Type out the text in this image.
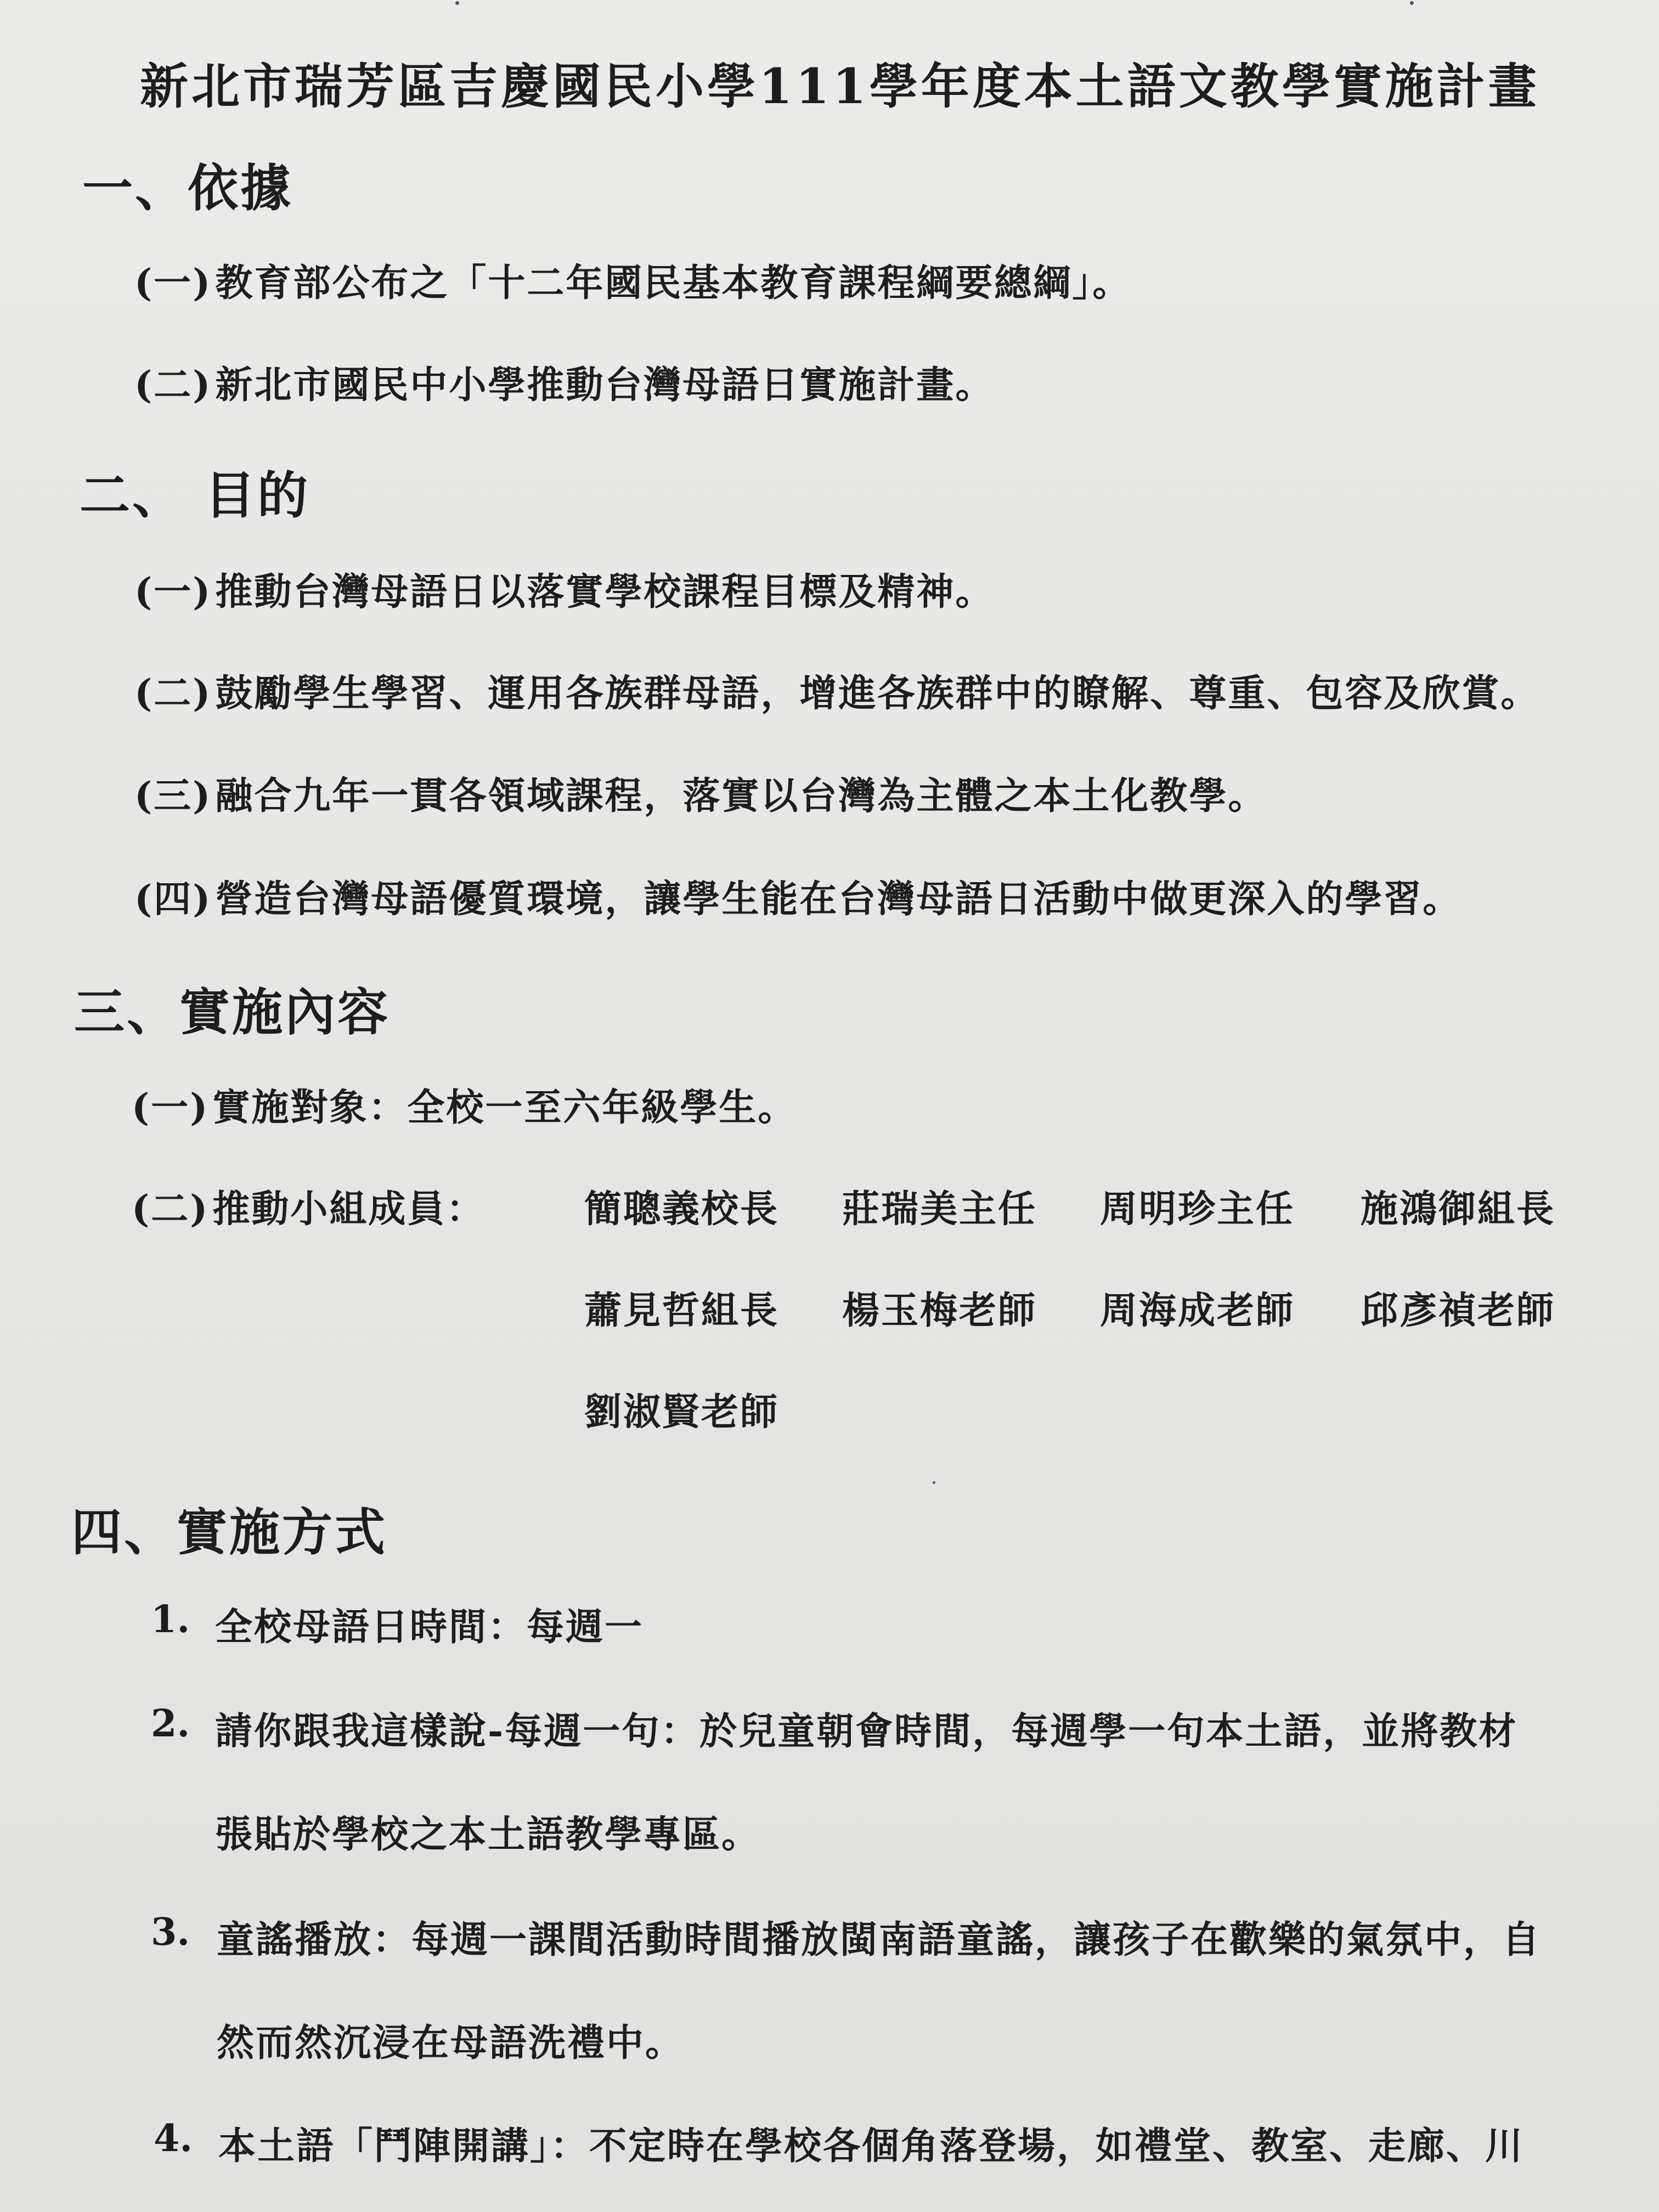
新北市瑞芳區吉慶國民小學111學年度本土語文教學實施計畫
一、依據
(一)教育部公布之「十二年國民基本教育課程綱要總綱」。
(二)新北市國民中小學推動台灣母語日實施計畫。
二、 目的
(一)推動台灣母語日以落實學校課程目標及精神。
(二)鼓勵學生學習、運用各族群母語，增進各族群中的瞭解、尊重、包容及欣賞。
(三)融合九年一貫各領域課程，落實以台灣為主體之本土化教學。
(四)營造台灣母語優質環境，讓學生能在台灣母語日活動中做更深入的學習。
三、實施內容
(一)實施對象：全校一至六年級學生。
(二)推動小組成員：	簡聰義校長 莊瑞美主任 周明珍主任 施鴻御組長
蕭見哲組長 楊玉梅老師 周海成老師 邱彥禎老師
劉淑賢老師
四、實施方式
1. 全校母語日時間：每週一
2. 請你跟我這樣說-每週一句：於兒童朝會時間，每週學一句本土語，並將教材
張貼於學校之本土語教學專區。
3. 童謠播放：每週一課間活動時間播放閩南語童謠，讓孩子在歡樂的氣氛中，自
然而然沉浸在母語洗禮中。
4. 本土語「鬥陣開講」：不定時在學校各個角落登場，如禮堂、教室、走廊、川
